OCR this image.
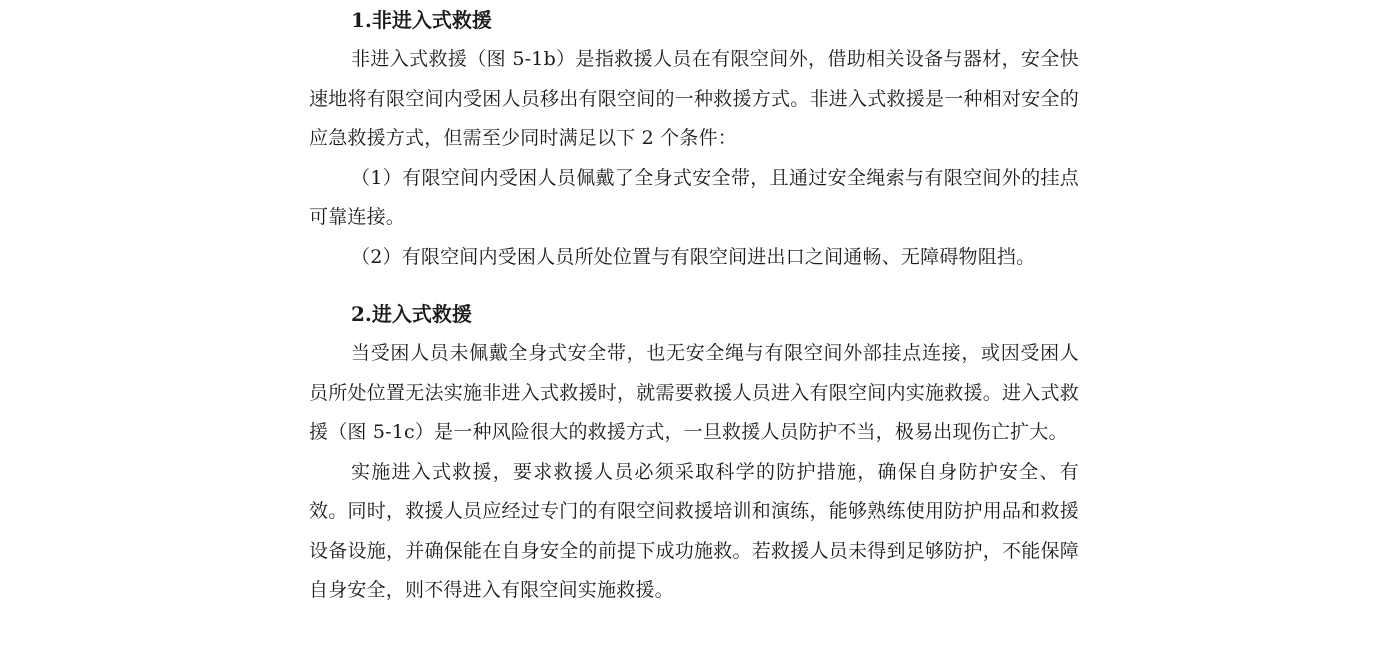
1.非进入式救援

非进入式救援（图 5-1b）是指救援人员在有限空间外，借助相关设备与器材，安全快速地将有限空间内受困人员移出有限空间的一种救援方式。非进入式救援是一种相对安全的应急救援方式，但需至少同时满足以下 2 个条件：

（1）有限空间内受困人员佩戴了全身式安全带，且通过安全绳索与有限空间外的挂点可靠连接。

（2）有限空间内受困人员所处位置与有限空间进出口之间通畅、无障碍物阻挡。

2.进入式救援

当受困人员未佩戴全身式安全带，也无安全绳与有限空间外部挂点连接，或因受困人员所处位置无法实施非进入式救援时，就需要救援人员进入有限空间内实施救援。进入式救援（图 5-1c）是一种风险很大的救援方式，一旦救援人员防护不当，极易出现伤亡扩大。

实施进入式救援，要求救援人员必须采取科学的防护措施，确保自身防护安全、有效。同时，救援人员应经过专门的有限空间救援培训和演练，能够熟练使用防护用品和救援设备设施，并确保能在自身安全的前提下成功施救。若救援人员未得到足够防护，不能保障自身安全，则不得进入有限空间实施救援。
